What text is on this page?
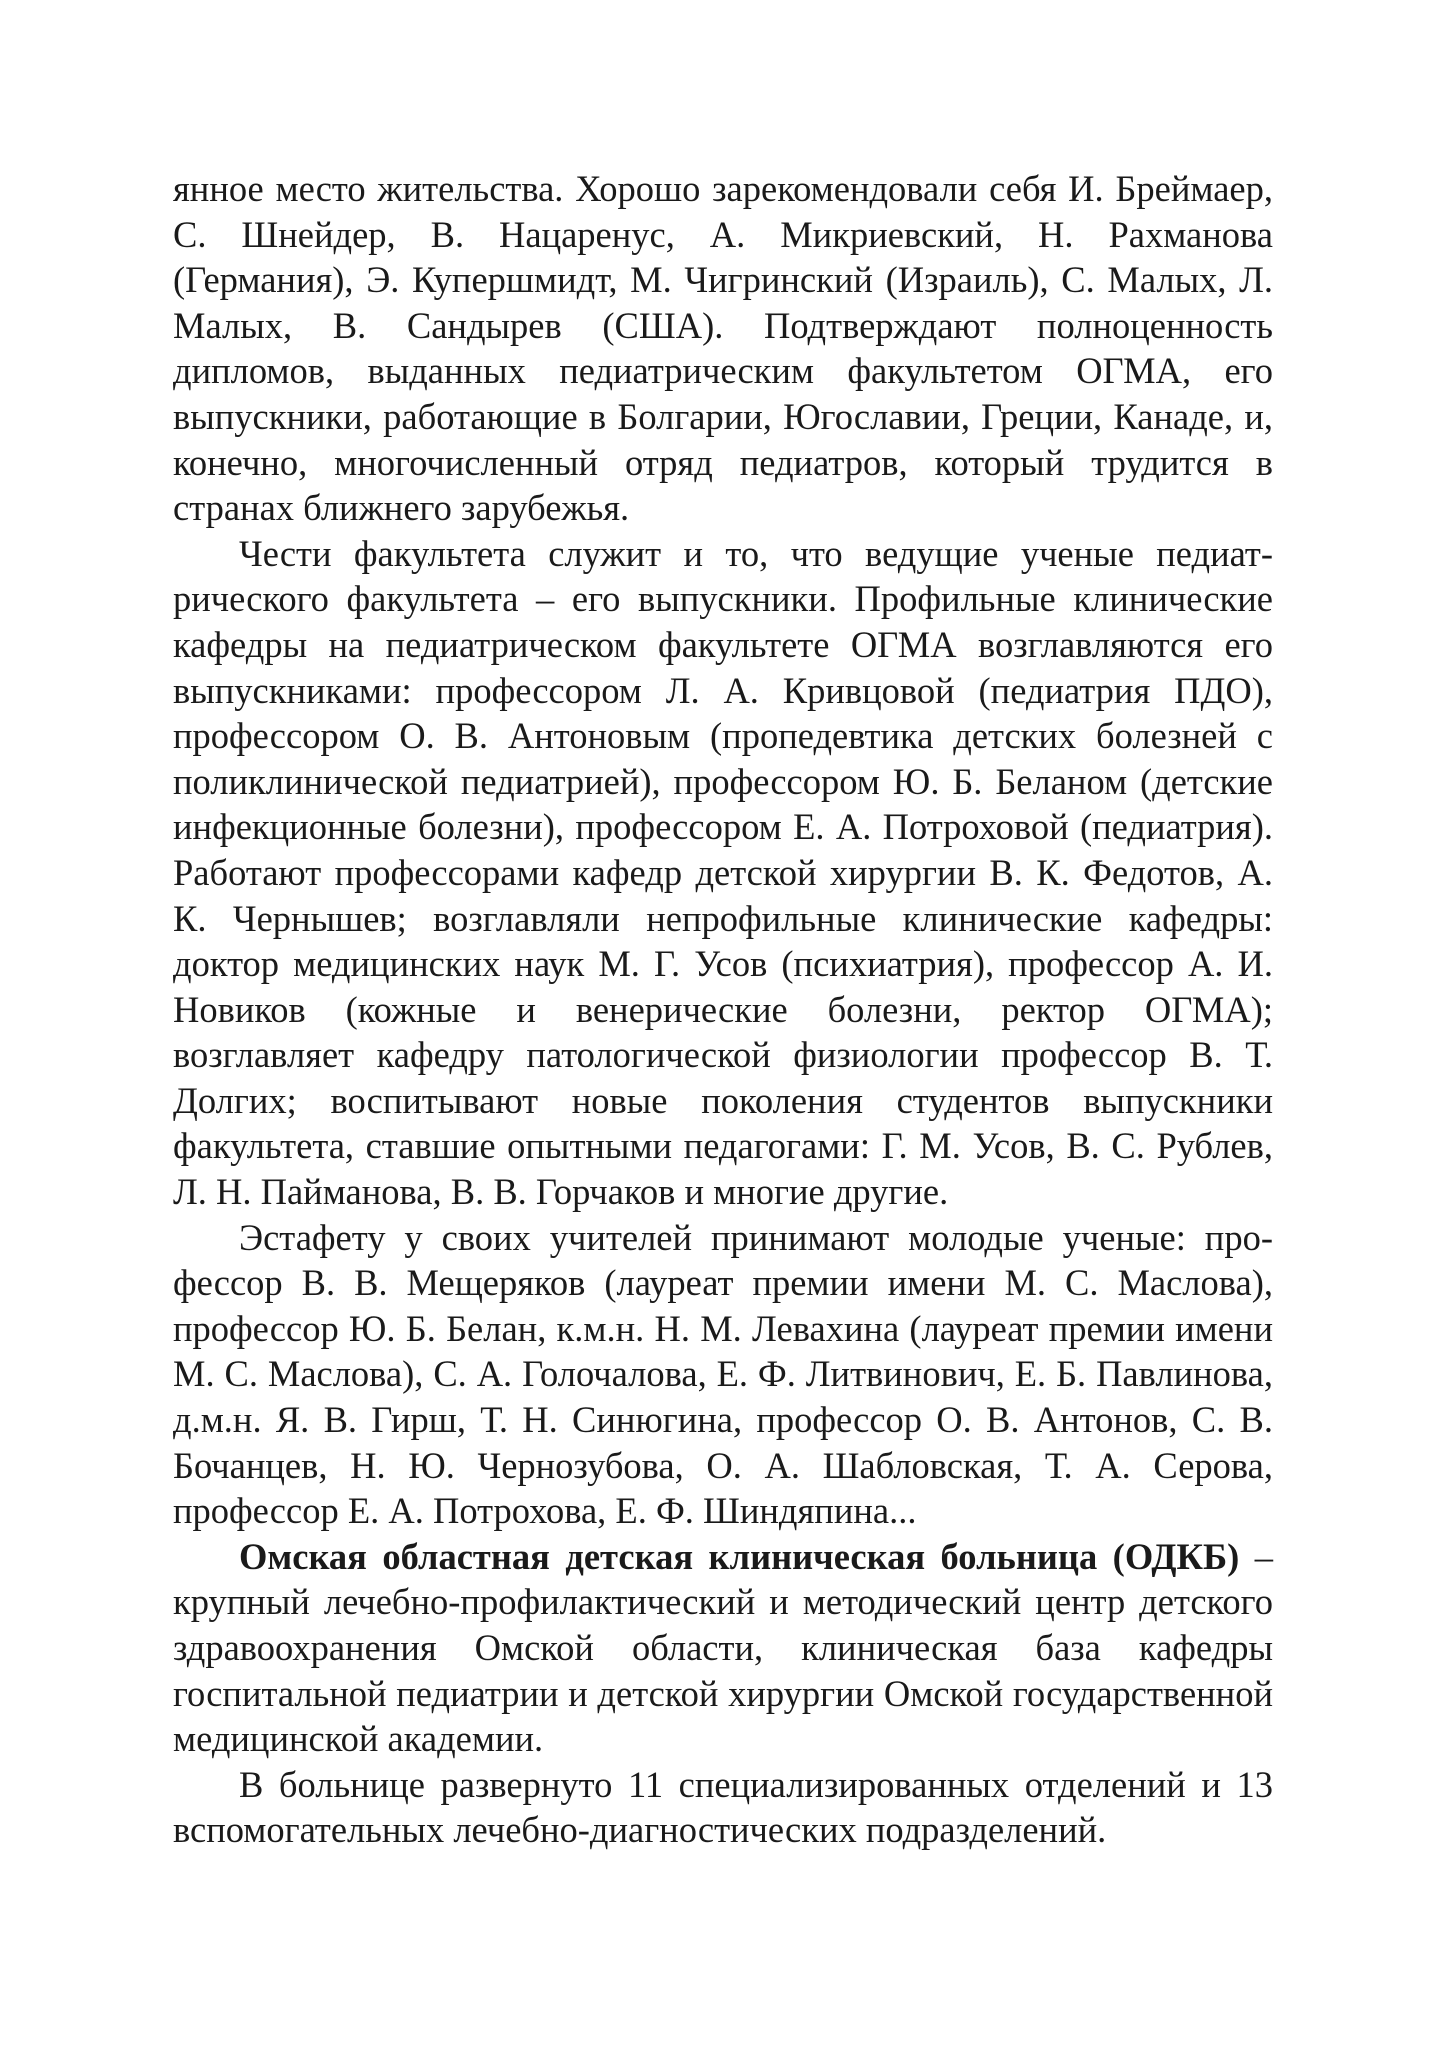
янное место жительства. Хорошо зарекомендовали себя И. Бреймаер, С. Шнейдер, В. Нацаренус, А. Микриевский, Н. Рахманова (Германия), Э. Купершмидт, М. Чигринский (Израиль), С. Малых, Л. Малых, В. Сандырев (США). Подтверждают полноценность дипломов, выданных педиатрическим факультетом ОГМА, его выпускники, работающие в Болгарии, Югославии, Греции, Канаде, и, конечно, многочисленный отряд педиатров, который трудится в странах ближнего зарубежья.

Чести факультета служит и то, что ведущие ученые педиатрического факультета – его выпускники. Профильные клинические кафедры на педиатрическом факультете ОГМА возглавляются его выпускниками: профессором Л. А. Кривцовой (педиатрия ПДО), профессором О. В. Антоновым (пропедевтика детских болезней с поликлинической педиатрией), профессором Ю. Б. Беланом (детские инфекционные болезни), профессором Е. А. Потроховой (педиатрия). Работают профессорами кафедр детской хирургии В. К. Федотов, А. К. Чернышев; возглавляли непрофильные клинические кафедры: доктор медицинских наук М. Г. Усов (психиатрия), профессор А. И. Новиков (кожные и венерические болезни, ректор ОГМА); возглавляет кафедру патологической физиологии профессор В. Т. Долгих; воспитывают новые поколения студентов выпускники факультета, ставшие опытными педагогами: Г. М. Усов, В. С. Рублев, Л. Н. Пайманова, В. В. Горчаков и многие другие.

Эстафету у своих учителей принимают молодые ученые: профессор В. В. Мещеряков (лауреат премии имени М. С. Маслова), профессор Ю. Б. Белан, к.м.н. Н. М. Левахина (лауреат премии имени М. С. Маслова), С. А. Голочалова, Е. Ф. Литвинович, Е. Б. Павлинова, д.м.н. Я. В. Гирш, Т. Н. Синюгина, профессор О. В. Антонов, С. В. Бочанцев, Н. Ю. Чернозубова, О. А. Шабловская, Т. А. Серова, профессор Е. А. Потрохова, Е. Ф. Шиндяпина...

Омская областная детская клиническая больница (ОДКБ) – крупный лечебно-профилактический и методический центр детского здравоохранения Омской области, клиническая база кафедры госпитальной педиатрии и детской хирургии Омской государственной медицинской академии.

В больнице развернуто 11 специализированных отделений и 13 вспомогательных лечебно-диагностических подразделений.
